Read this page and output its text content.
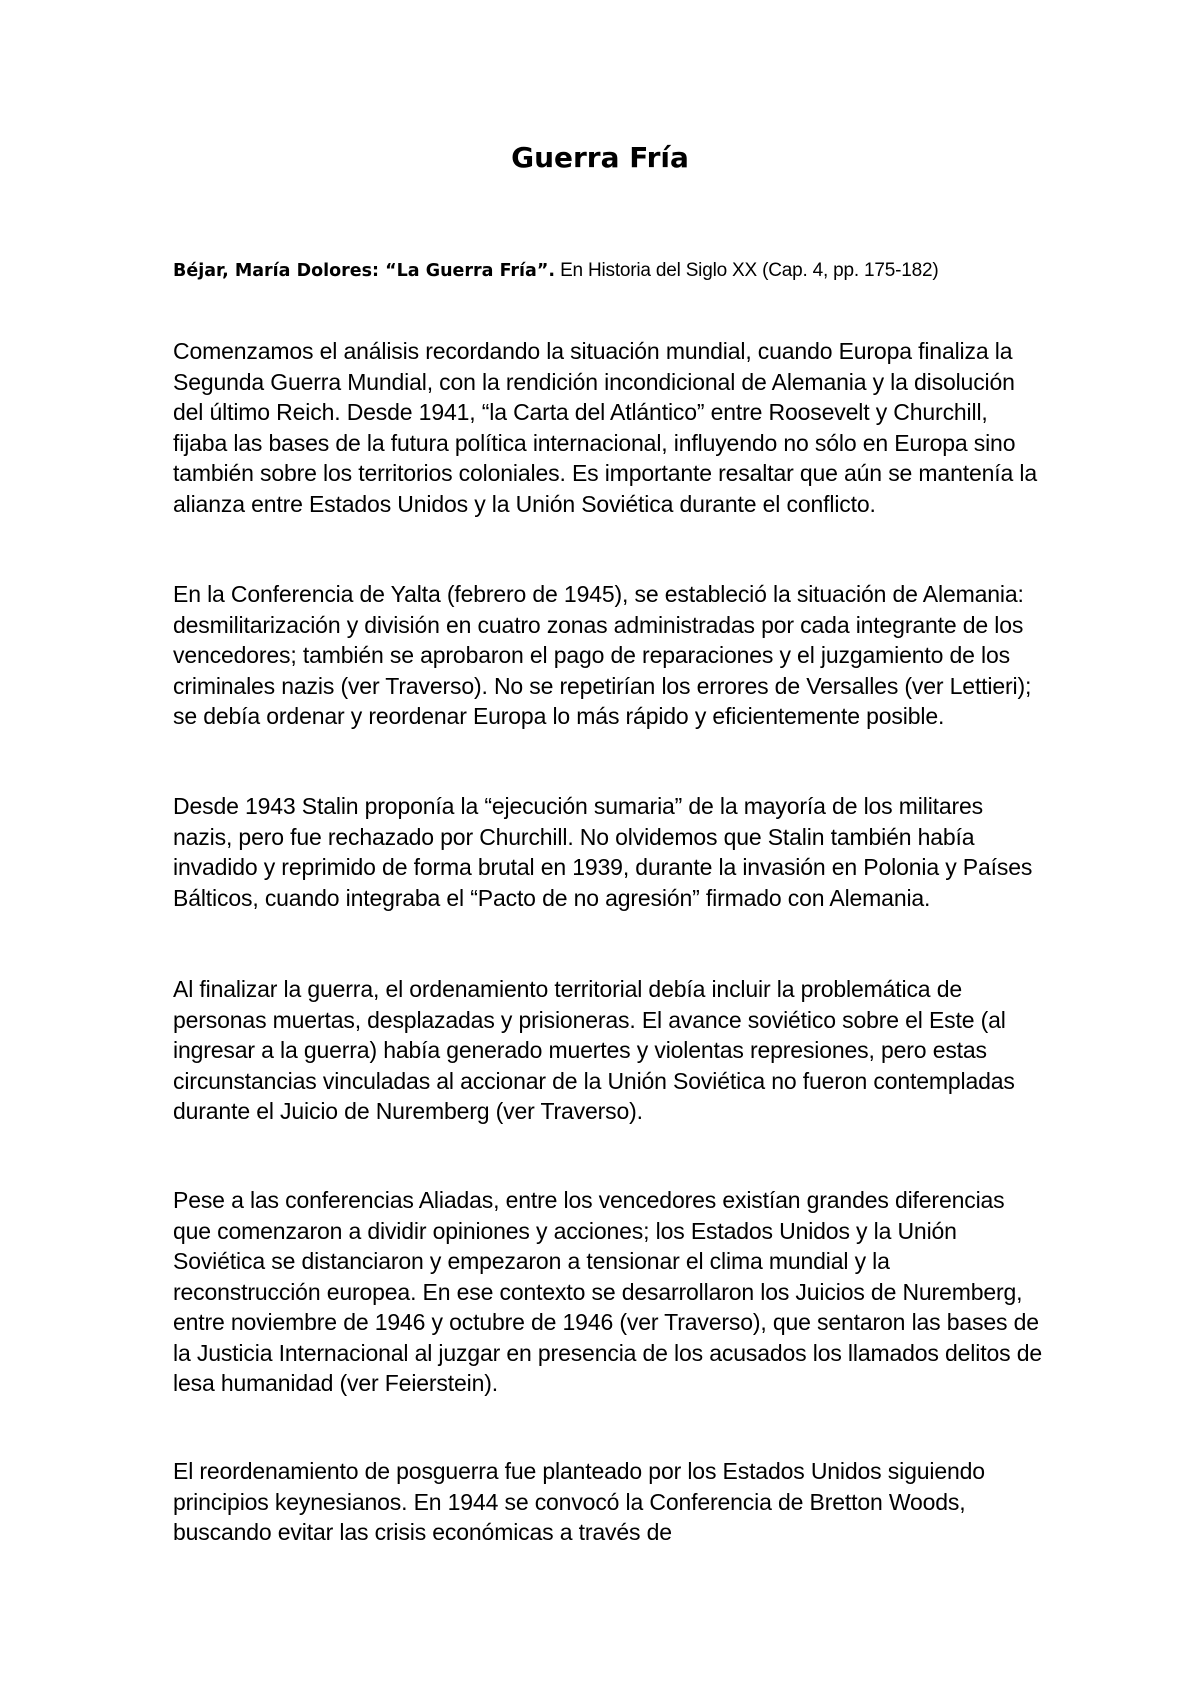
Guerra Fría

Béjar, María Dolores: “La Guerra Fría”. En Historia del Siglo XX (Cap. 4, pp. 175-182)

Comenzamos el análisis recordando la situación mundial, cuando Europa finaliza la Segunda Guerra Mundial, con la rendición incondicional de Alemania y la disolución del último Reich. Desde 1941, “la Carta del Atlántico” entre Roosevelt y Churchill, fijaba las bases de la futura política internacional, influyendo no sólo en Europa sino también sobre los territorios coloniales. Es importante resaltar que aún se mantenía la alianza entre Estados Unidos y la Unión Soviética durante el conflicto.

En la Conferencia de Yalta (febrero de 1945), se estableció la situación de Alemania: desmilitarización y división en cuatro zonas administradas por cada integrante de los vencedores; también se aprobaron el pago de reparaciones y el juzgamiento de los criminales nazis (ver Traverso). No se repetirían los errores de Versalles (ver Lettieri); se debía ordenar y reordenar Europa lo más rápido y eficientemente posible.

Desde 1943 Stalin proponía la “ejecución sumaria” de la mayoría de los militares nazis, pero fue rechazado por Churchill. No olvidemos que Stalin también había invadido y reprimido de forma brutal en 1939, durante la invasión en Polonia y Países Bálticos, cuando integraba el “Pacto de no agresión” firmado con Alemania.

Al finalizar la guerra, el ordenamiento territorial debía incluir la problemática de personas muertas, desplazadas y prisioneras. El avance soviético sobre el Este (al ingresar a la guerra) había generado muertes y violentas represiones, pero estas circunstancias vinculadas al accionar de la Unión Soviética no fueron contempladas durante el Juicio de Nuremberg (ver Traverso).

Pese a las conferencias Aliadas, entre los vencedores existían grandes diferencias que comenzaron a dividir opiniones y acciones; los Estados Unidos y la Unión Soviética se distanciaron y empezaron a tensionar el clima mundial y la reconstrucción europea. En ese contexto se desarrollaron los Juicios de Nuremberg, entre noviembre de 1946 y octubre de 1946 (ver Traverso), que sentaron las bases de la Justicia Internacional al juzgar en presencia de los acusados los llamados delitos de lesa humanidad (ver Feierstein).

El reordenamiento de posguerra fue planteado por los Estados Unidos siguiendo principios keynesianos. En 1944 se convocó la Conferencia de Bretton Woods, buscando evitar las crisis económicas a través de
